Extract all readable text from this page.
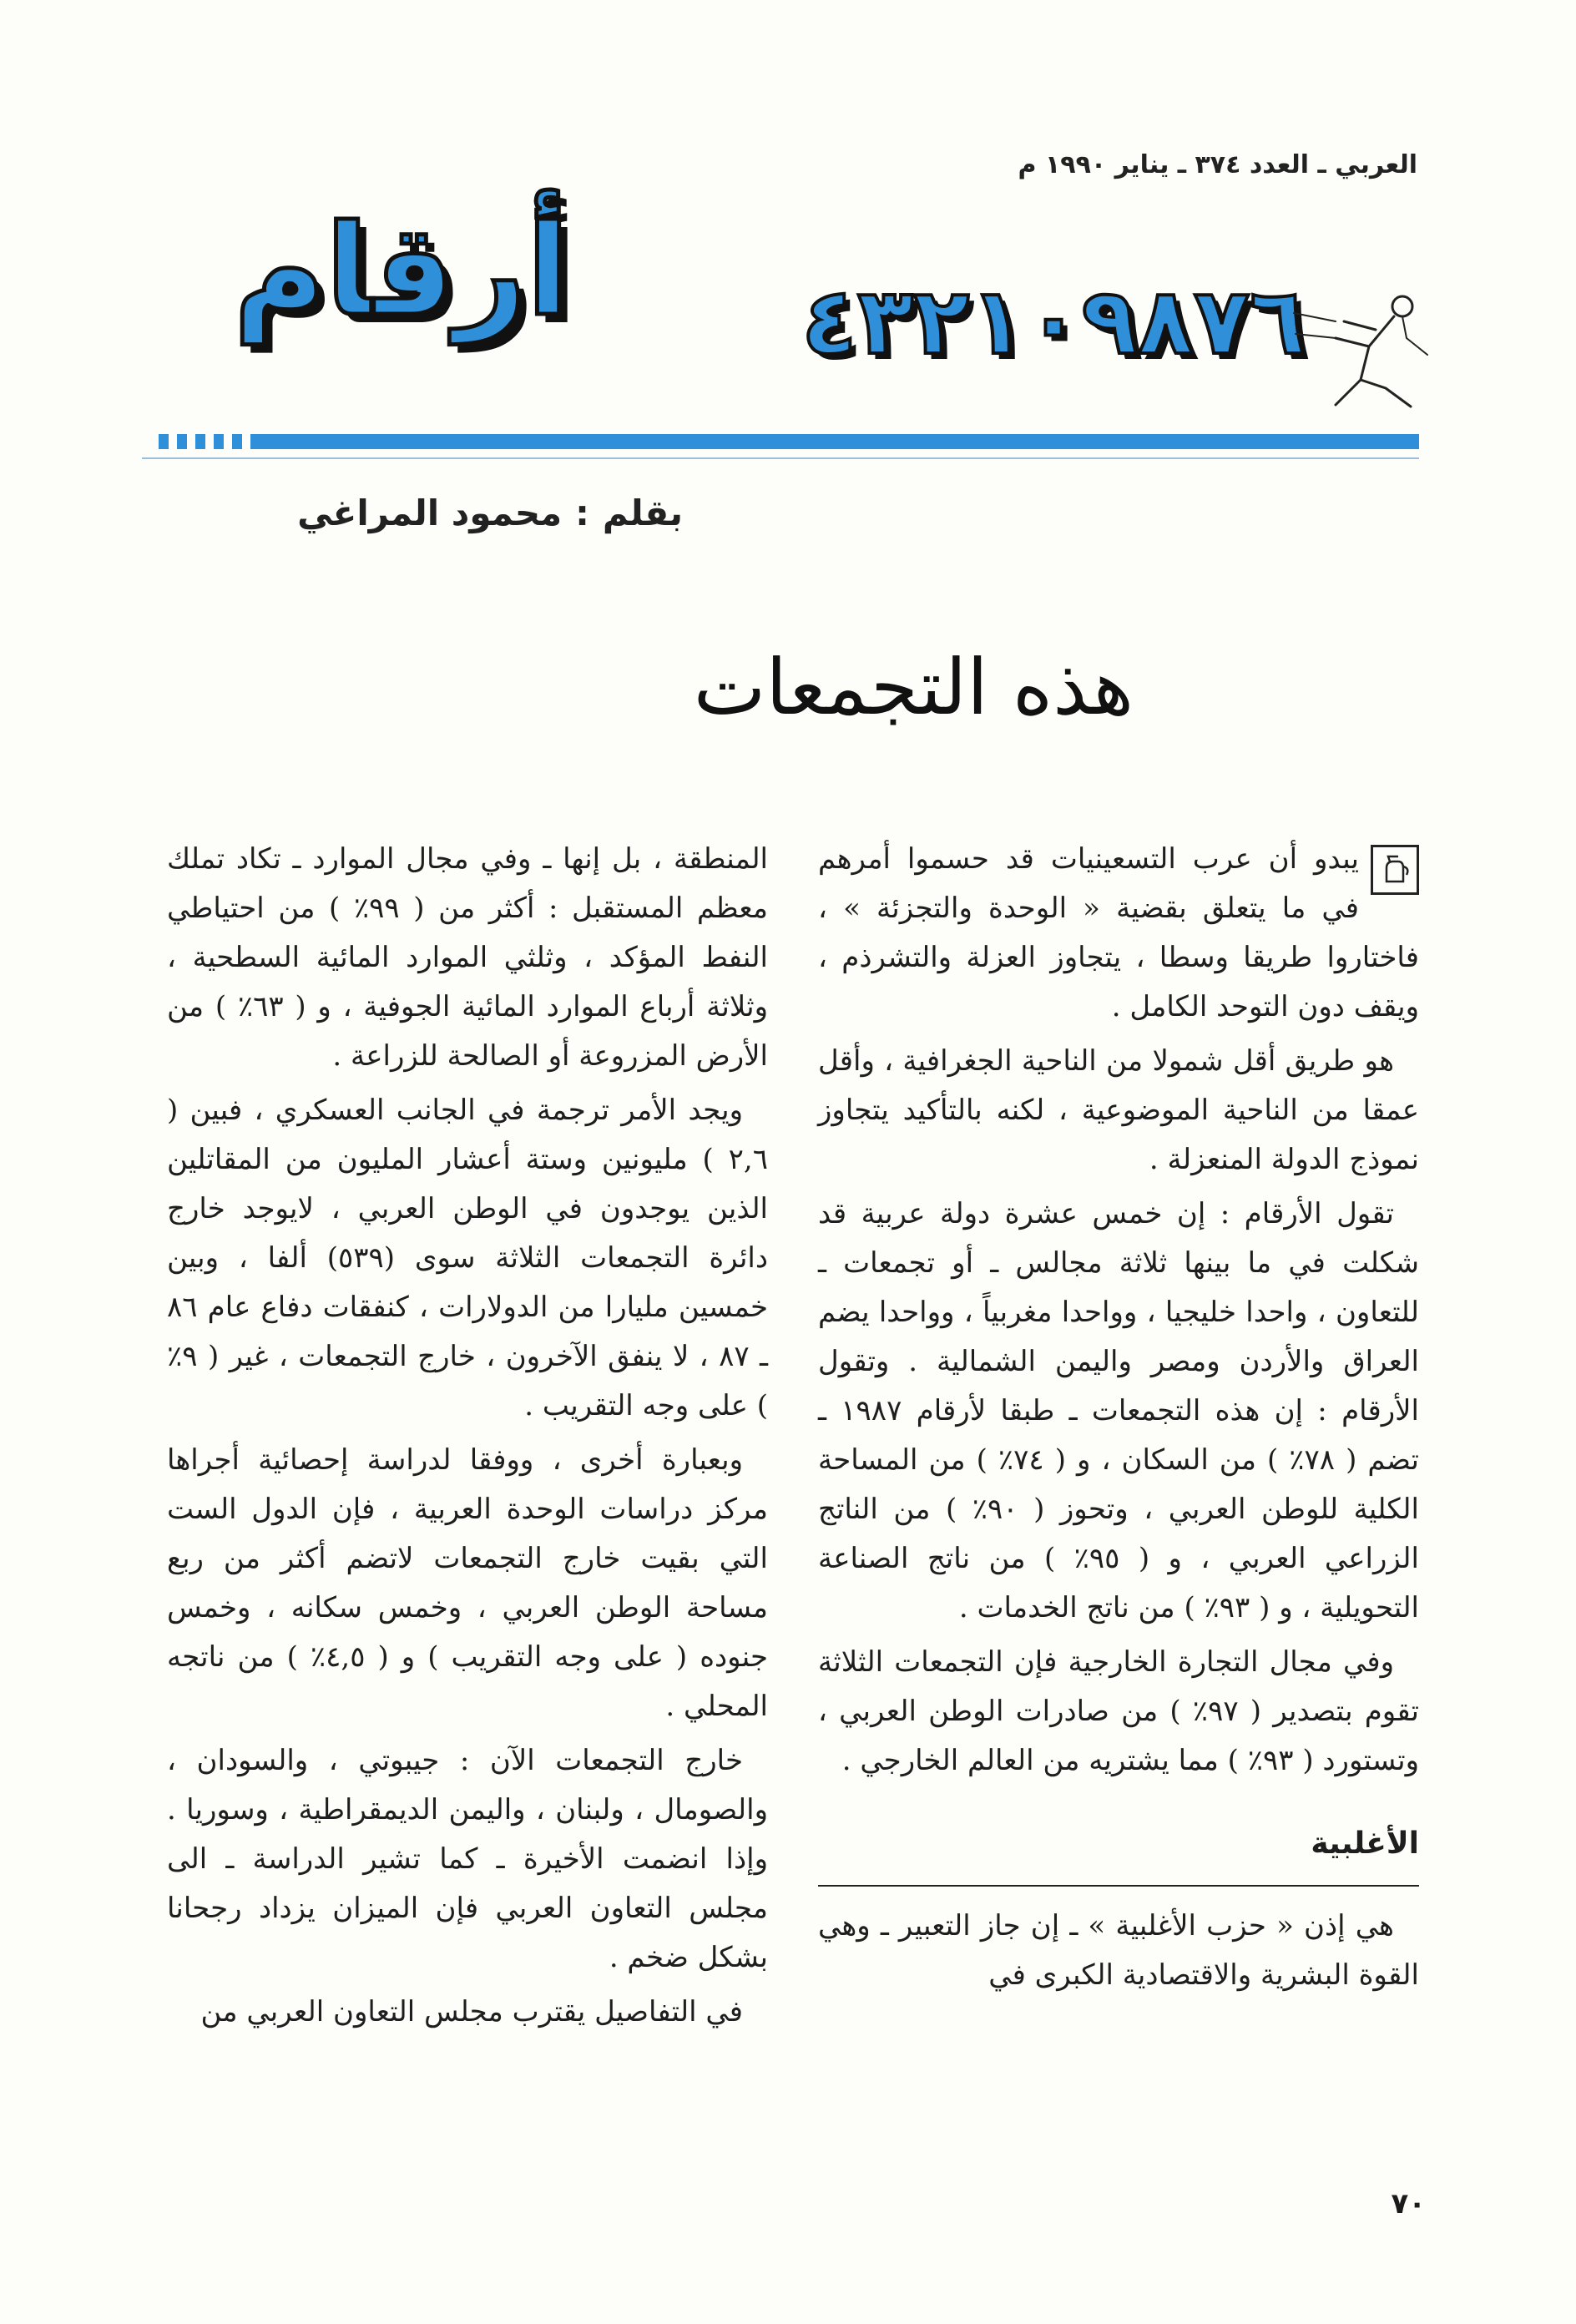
العربي ـ العدد ٣٧٤ ـ يناير ١٩٩٠ م
٤٣٢١٠٩٨٧٦
أرقام
بقلم:محمود المراغي
هذه التجمعات

يبدو أن عرب التسعينيات قد حسموا أمرهم في ما يتعلق بقضية « الوحدة والتجزئة » ، فاختاروا طريقا وسطا ، يتجاوز العزلة والتشرذم ، ويقف دون التوحد الكامل .

هو طريق أقل شمولا من الناحية الجغرافية ، وأقل عمقا من الناحية الموضوعية ، لكنه بالتأكيد يتجاوز نموذج الدولة المنعزلة .

تقول الأرقام : إن خمس عشرة دولة عربية قد شكلت في ما بينها ثلاثة مجالس ـ أو تجمعات ـ للتعاون ، واحدا خليجيا ، وواحدا مغربياً ، وواحدا يضم العراق والأردن ومصر واليمن الشمالية . وتقول الأرقام : إن هذه التجمعات ـ طبقا لأرقام ١٩٨٧ ـ تضم ( ٧٨٪ ) من السكان ، و ( ٧٤٪ ) من المساحة الكلية للوطن العربي ، وتحوز ( ٩٠٪ ) من الناتج الزراعي العربي ، و ( ٩٥٪ ) من ناتج الصناعة التحويلية ، و ( ٩٣٪ ) من ناتج الخدمات .

وفي مجال التجارة الخارجية فإن التجمعات الثلاثة تقوم بتصدير ( ٩٧٪ ) من صادرات الوطن العربي ، وتستورد ( ٩٣٪ ) مما يشتريه من العالم الخارجي .

الأغلبية

هي إذن « حزب الأغلبية » ـ إن جاز التعبير ـ وهي القوة البشرية والاقتصادية الكبرى في

المنطقة ، بل إنها ـ وفي مجال الموارد ـ تكاد تملك معظم المستقبل : أكثر من ( ٩٩٪ ) من احتياطي النفط المؤكد ، وثلثي الموارد المائية السطحية ، وثلاثة أرباع الموارد المائية الجوفية ، و ( ٦٣٪ ) من الأرض المزروعة أو الصالحة للزراعة .

ويجد الأمر ترجمة في الجانب العسكري ، فبين ( ٢,٦ ) مليونين وستة أعشار المليون من المقاتلين الذين يوجدون في الوطن العربي ، لايوجد خارج دائرة التجمعات الثلاثة سوى (٥٣٩) ألفا ، وبين خمسين مليارا من الدولارات ، كنفقات دفاع عام ٨٦ ـ ٨٧ ، لا ينفق الآخرون ، خارج التجمعات ، غير ( ٩٪ ) على وجه التقريب .

وبعبارة أخرى ، ووفقا لدراسة إحصائية أجراها مركز دراسات الوحدة العربية ، فإن الدول الست التي بقيت خارج التجمعات لاتضم أكثر من ربع مساحة الوطن العربي ، وخمس سكانه ، وخمس جنوده ( على وجه التقريب ) و ( ٤,٥٪ ) من ناتجه المحلي .

خارج التجمعات الآن : جيبوتي ، والسودان ، والصومال ، ولبنان ، واليمن الديمقراطية ، وسوريا . وإذا انضمت الأخيرة ـ كما تشير الدراسة ـ الى مجلس التعاون العربي فإن الميزان يزداد رجحانا بشكل ضخم .

في التفاصيل يقترب مجلس التعاون العربي من

٧٠
